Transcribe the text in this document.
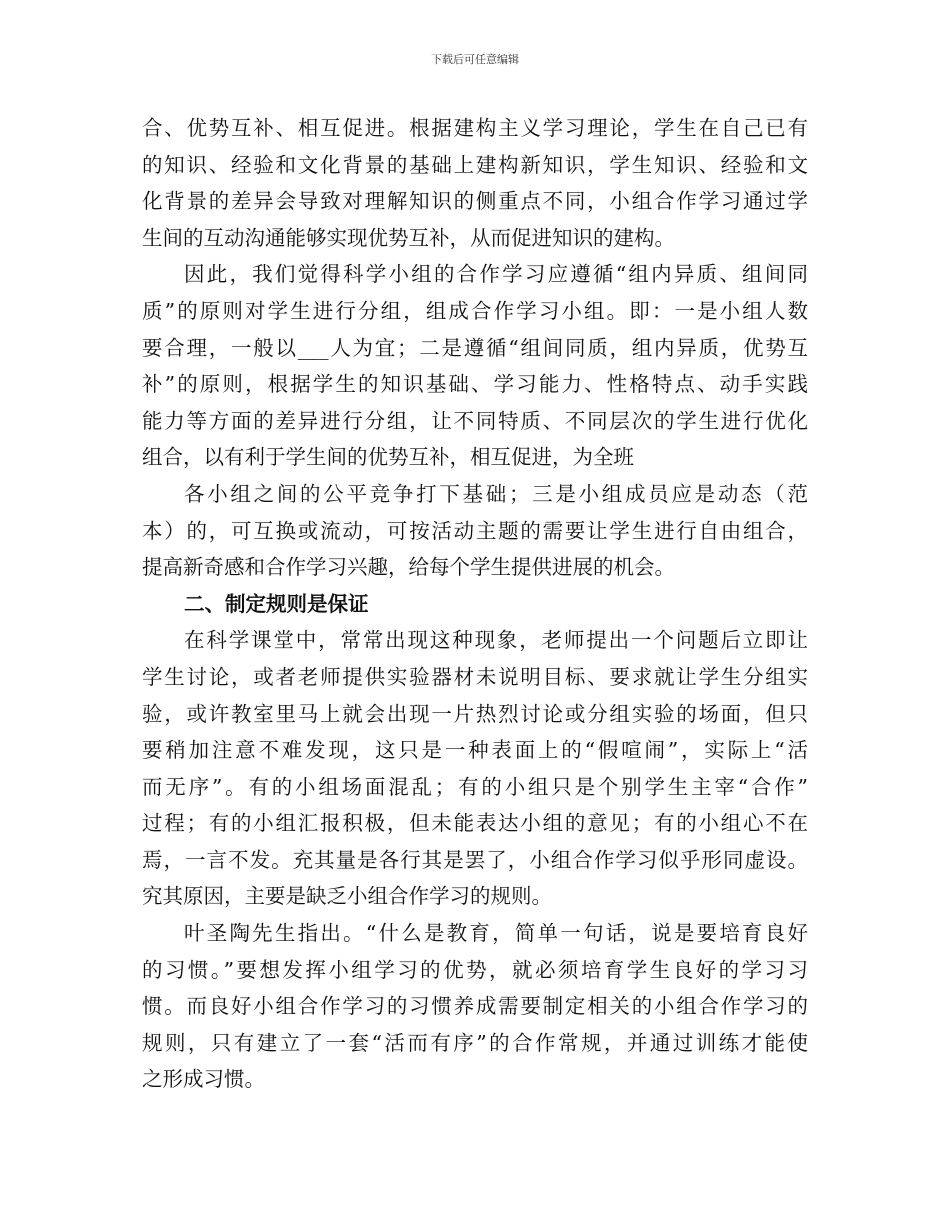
下载后可任意编辑
合、优势互补、相互促进。根据建构主义学习理论，学生在自己已有
的知识、经验和文化背景的基础上建构新知识，学生知识、经验和文
化背景的差异会导致对理解知识的侧重点不同，小组合作学习通过学
生间的互动沟通能够实现优势互补，从而促进知识的建构。
因此，我们觉得科学小组的合作学习应遵循“组内异质、组间同
质”的原则对学生进行分组，组成合作学习小组。即：一是小组人数
要合理，一般以___人为宜；二是遵循“组间同质，组内异质，优势互
补”的原则，根据学生的知识基础、学习能力、性格特点、动手实践
能力等方面的差异进行分组，让不同特质、不同层次的学生进行优化
组合，以有利于学生间的优势互补，相互促进，为全班
各小组之间的公平竞争打下基础；三是小组成员应是动态（范
本）的，可互换或流动，可按活动主题的需要让学生进行自由组合，
提高新奇感和合作学习兴趣，给每个学生提供进展的机会。
二、制定规则是保证
在科学课堂中，常常出现这种现象，老师提出一个问题后立即让
学生讨论，或者老师提供实验器材未说明目标、要求就让学生分组实
验，或许教室里马上就会出现一片热烈讨论或分组实验的场面，但只
要稍加注意不难发现，这只是一种表面上的“假喧闹”，实际上“活
而无序”。有的小组场面混乱；有的小组只是个别学生主宰“合作”
过程；有的小组汇报积极，但未能表达小组的意见；有的小组心不在
焉，一言不发。充其量是各行其是罢了，小组合作学习似乎形同虚设。
究其原因，主要是缺乏小组合作学习的规则。
叶圣陶先生指出。“什么是教育，简单一句话，说是要培育良好
的习惯。”要想发挥小组学习的优势，就必须培育学生良好的学习习
惯。而良好小组合作学习的习惯养成需要制定相关的小组合作学习的
规则，只有建立了一套“活而有序”的合作常规，并通过训练才能使
之形成习惯。
